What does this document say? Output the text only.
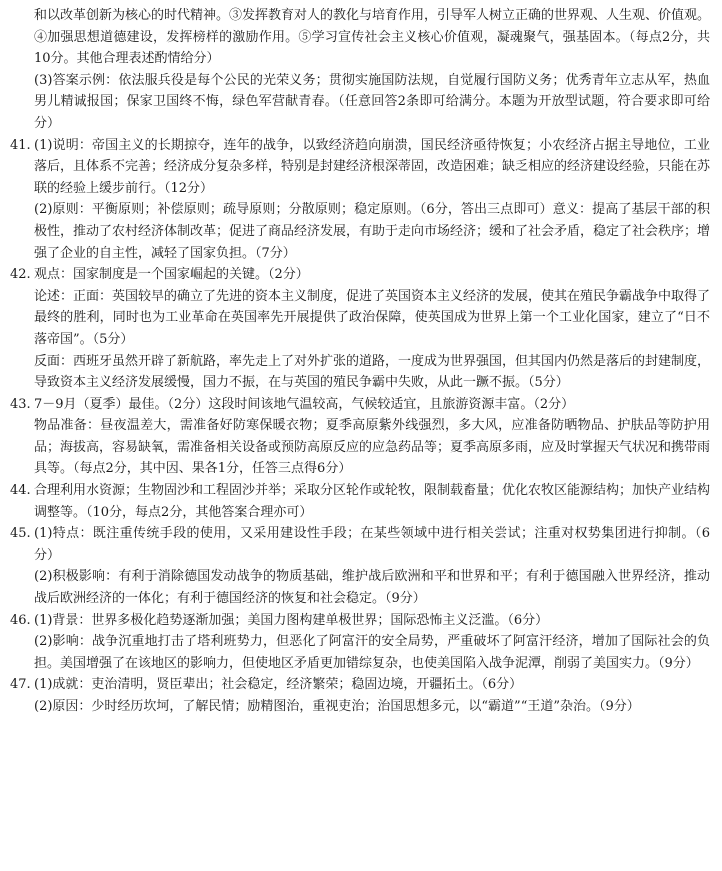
和以改革创新为核心的时代精神。③发挥教育对人的教化与培育作用，引导军人树立正确的世界观、人生观、价值观。④加强思想道德建设，发挥榜样的激励作用。⑤学习宣传社会主义核心价值观，凝魂聚气，强基固本。（每点2分，共10分。其他合理表述酌情给分）

(3)答案示例：依法服兵役是每个公民的光荣义务；贯彻实施国防法规，自觉履行国防义务；优秀青年立志从军，热血男儿精诚报国；保家卫国终不悔，绿色军营献青春。（任意回答2条即可给满分。本题为开放型试题，符合要求即可给分）

41. (1)说明：帝国主义的长期掠夺，连年的战争，以致经济趋向崩溃，国民经济亟待恢复；小农经济占据主导地位，工业落后，且体系不完善；经济成分复杂多样，特别是封建经济根深蒂固，改造困难；缺乏相应的经济建设经验，只能在苏联的经验上缓步前行。（12分）

(2)原则：平衡原则；补偿原则；疏导原则；分散原则；稳定原则。（6分，答出三点即可）意义：提高了基层干部的积极性，推动了农村经济体制改革；促进了商品经济发展，有助于走向市场经济；缓和了社会矛盾，稳定了社会秩序；增强了企业的自主性，减轻了国家负担。（7分）

42. 观点：国家制度是一个国家崛起的关键。（2分）

论述：正面：英国较早的确立了先进的资本主义制度，促进了英国资本主义经济的发展，使其在殖民争霸战争中取得了最终的胜利，同时也为工业革命在英国率先开展提供了政治保障，使英国成为世界上第一个工业化国家，建立了“日不落帝国”。（5分）

反面：西班牙虽然开辟了新航路，率先走上了对外扩张的道路，一度成为世界强国，但其国内仍然是落后的封建制度，导致资本主义经济发展缓慢，国力不振，在与英国的殖民争霸中失败，从此一蹶不振。（5分）

43. 7－9月（夏季）最佳。（2分）这段时间该地气温较高，气候较适宜，且旅游资源丰富。（2分）

物品准备：昼夜温差大，需准备好防寒保暖衣物；夏季高原紫外线强烈，多大风，应准备防晒物品、护肤品等防护用品；海拔高，容易缺氧，需准备相关设备或预防高原反应的应急药品等；夏季高原多雨，应及时掌握天气状况和携带雨具等。（每点2分，其中因、果各1分，任答三点得6分）

44. 合理利用水资源；生物固沙和工程固沙并举；采取分区轮作或轮牧，限制载畜量；优化农牧区能源结构；加快产业结构调整等。（10分，每点2分，其他答案合理亦可）

45. (1)特点：既注重传统手段的使用，又采用建设性手段；在某些领域中进行相关尝试；注重对权势集团进行抑制。（6分）

(2)积极影响：有利于消除德国发动战争的物质基础，维护战后欧洲和平和世界和平；有利于德国融入世界经济，推动战后欧洲经济的一体化；有利于德国经济的恢复和社会稳定。（9分）

46. (1)背景：世界多极化趋势逐渐加强；美国力图构建单极世界；国际恐怖主义泛滥。（6分）

(2)影响：战争沉重地打击了塔利班势力，但恶化了阿富汗的安全局势，严重破坏了阿富汗经济，增加了国际社会的负担。美国增强了在该地区的影响力，但使地区矛盾更加错综复杂，也使美国陷入战争泥潭，削弱了美国实力。（9分）

47. (1)成就：吏治清明，贤臣辈出；社会稳定，经济繁荣；稳固边境，开疆拓土。（6分）

(2)原因：少时经历坎坷，了解民情；励精图治，重视吏治；治国思想多元，以“霸道”“王道”杂治。（9分）
